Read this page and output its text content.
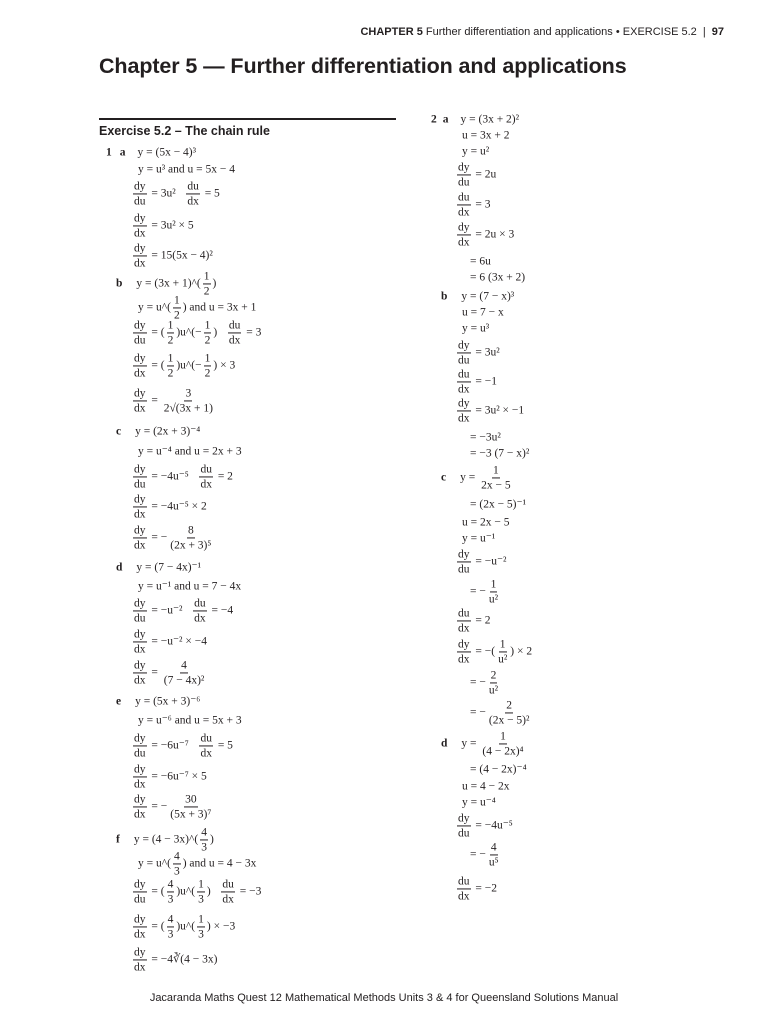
CHAPTER 5 Further differentiation and applications • EXERCISE 5.2 | 97
Chapter 5 — Further differentiation and applications
Exercise 5.2 – The chain rule
1 a y = (5x − 4)³
y = u³ and u = 5x − 4
$\frac{dy}{du} = 3u^2 \frac{du}{dx} = 5$
$\frac{dy}{dx} = 3u^2 \times 5$
$\frac{dy}{dx} = 15(5x - 4)^2$
b y = (3x + 1)^( $\frac{1}{2}$ )
y = u^( $\frac{1}{2}$ ) and u = 3x + 1
$\frac{dy}{du}$ = ( $\frac{1}{2}$ )u^(− $\frac{1}{2}$ ) $\frac{du}{dx} = 3$
$\frac{dy}{dx}$ = ( $\frac{1}{2}$ )u^(− $\frac{1}{2}$ ) × 3
$\frac{dy}{dx} = \frac{3}{2√(3x + 1)}$
c y = (2x + 3)⁻⁴
y = u⁻⁴ and u = 2x + 3
$\frac{dy}{du} = -4u^{-5} \frac{du}{dx} = 2$
$\frac{dy}{dx} = -4u^{-5} \times 2$
$\frac{dy}{dx}$ = − $\frac{8}{\text{(2x + 3)⁵}}$
d y = (7 − 4x)⁻¹
y = u⁻¹ and u = 7 − 4x
$\frac{dy}{du} = -u^{-2} \frac{du}{dx} = -4$
$\frac{dy}{dx} = -u^{-2} \times -4$
$\frac{dy}{dx} = \frac{4}{\text{(7 − 4x)²}}$
e y = (5x + 3)⁻⁶
y = u⁻⁶ and u = 5x + 3
$\frac{dy}{du} = -6u^{-7} \frac{du}{dx} = 5$
$\frac{dy}{dx} = -6u^{-7} \times 5$
$\frac{dy}{dx}$ = − $\frac{30}{\text{(5x + 3)⁷}}$
f y = (4 − 3x)^( $\frac{4}{3}$ )
y = u^( $\frac{4}{3}$ ) and u = 4 − 3x
$\frac{dy}{du}$ = ( $\frac{4}{3}$ )u^( $\frac{1}{3}$ ) $\frac{du}{dx} = -3$
$\frac{dy}{dx}$ = ( $\frac{4}{3}$ )u^( $\frac{1}{3}$ ) × −3
$\frac{dy}{dx}$ = −4∛(4 − 3x)
2 a y = (3x + 2)²
u = 3x + 2
y = u²
$\frac{dy}{du} = 2u$
$\frac{du}{dx} = 3$
$\frac{dy}{dx} = 2u \times 3$
= 6u
= 6 (3x + 2)
b y = (7 − x)³
u = 7 − x
y = u³
$\frac{dy}{du} = 3u^2$
$\frac{du}{dx} = -1$
$\frac{dy}{dx} = 3u^2 \times -1$
= −3u²
= −3 (7 − x)²
c $y = \frac{1}{2x - 5}$
= (2x − 5)⁻¹
u = 2x − 5
y = u⁻¹
$\frac{dy}{du} = -u^{-2}$
= − $\frac{1}{\text{u²}}$
$\frac{du}{dx} = 2$
$\frac{dy}{dx}$ = −( $\frac{1}{\text{u²}}$ ) × 2
= − $\frac{2}{\text{u²}}$
= − $\frac{2}{\text{(2x − 5)²}}$
d $y = \frac{1}{\text{(4 − 2x)⁴}}$
= (4 − 2x)⁻⁴
u = 4 − 2x
y = u⁻⁴
$\frac{dy}{du} = -4u^{-5}$
= − $\frac{4}{\text{u⁵}}$
$\frac{du}{dx} = -2$
Jacaranda Maths Quest 12 Mathematical Methods Units 3 & 4 for Queensland Solutions Manual
